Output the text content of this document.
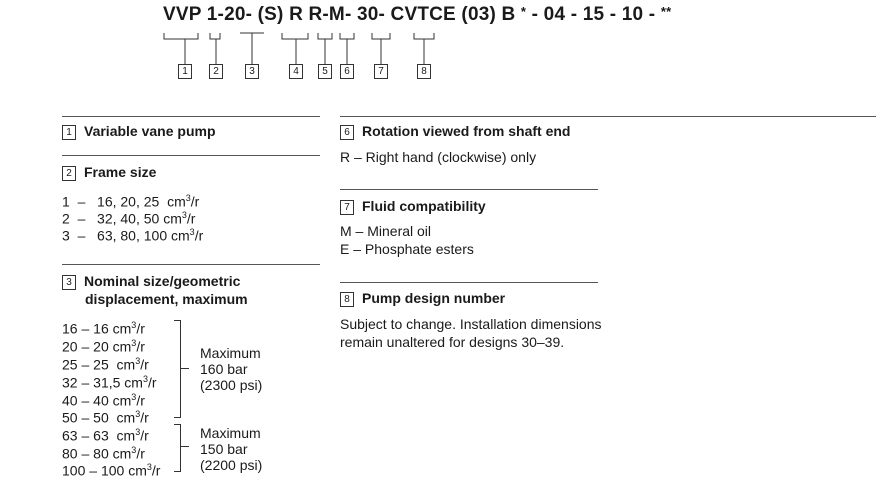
VVP 1-20- (S) R R-M- 30- CVTCE (03) B * - 04 - 15 - 10 - **
1	2	3	4	5	6	7	8
1 Variable vane pump
2 Frame size
1 – 16, 20, 25 $cm^3/r$
2 – 32, 40, 50 $cm^3/r$
3 – 63, 80, 100 $cm^3/r$
3 Nominal size/geometric
displacement, maximum
16 – 16 $cm^3/r$
20 – 20 $cm^3/r$
25 – 25 $cm^3/r$
32 – 31,5 $cm^3/r$
40 – 40 $cm^3/r$
50 – 50 $cm^3/r$
63 – 63 $cm^3/r$
80 – 80 $cm^3/r$
100 – 100 $cm^3/r$
Maximum
160 bar
(2300 psi)
Maximum
150 bar
(2200 psi)
6 Rotation viewed from shaft end
R – Right hand (clockwise) only
7 Fluid compatibility
M – Mineral oil
E – Phosphate esters
8 Pump design number
Subject to change. Installation dimensions remain unaltered for designs 30–39.
